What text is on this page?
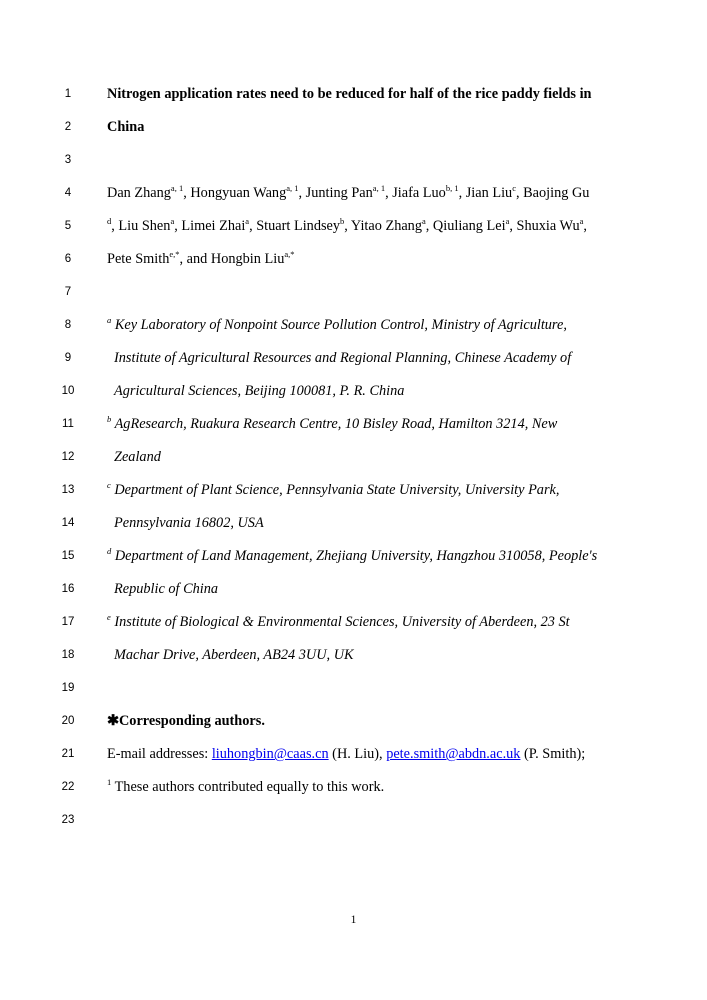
1	Nitrogen application rates need to be reduced for half of the rice paddy fields in
2	China
3
4	Dan Zhang$^{a, 1}$, Hongyuan Wang$^{a, 1}$, Junting Pan$^{a, 1}$, Jiafa Luo$^{b, 1}$, Jian Liu$^c$, Baojing Gu
5	$^d$, Liu Shen$^a$, Limei Zhai$^a$, Stuart Lindsey$^b$, Yitao Zhang$^a$, Qiuliang Lei$^a$, Shuxia Wu$^a$,
6	Pete Smith$^{e,*}$, and Hongbin Liu$^{a,*}$
7
8	$^a$ Key Laboratory of Nonpoint Source Pollution Control, Ministry of Agriculture,
9	Institute of Agricultural Resources and Regional Planning, Chinese Academy of
10	Agricultural Sciences, Beijing 100081, P. R. China
11	$^b$ AgResearch, Ruakura Research Centre, 10 Bisley Road, Hamilton 3214, New
12	Zealand
13	$^c$ Department of Plant Science, Pennsylvania State University, University Park,
14	Pennsylvania 16802, USA
15	$^d$ Department of Land Management, Zhejiang University, Hangzhou 310058, People's
16	Republic of China
17	$^e$ Institute of Biological & Environmental Sciences, University of Aberdeen, 23 St
18	Machar Drive, Aberdeen, AB24 3UU, UK
19
20	✱Corresponding authors.
21	E-mail addresses: liuhongbin@caas.cn (H. Liu), pete.smith@abdn.ac.uk (P. Smith);
22	$^1$ These authors contributed equally to this work.
23
1
